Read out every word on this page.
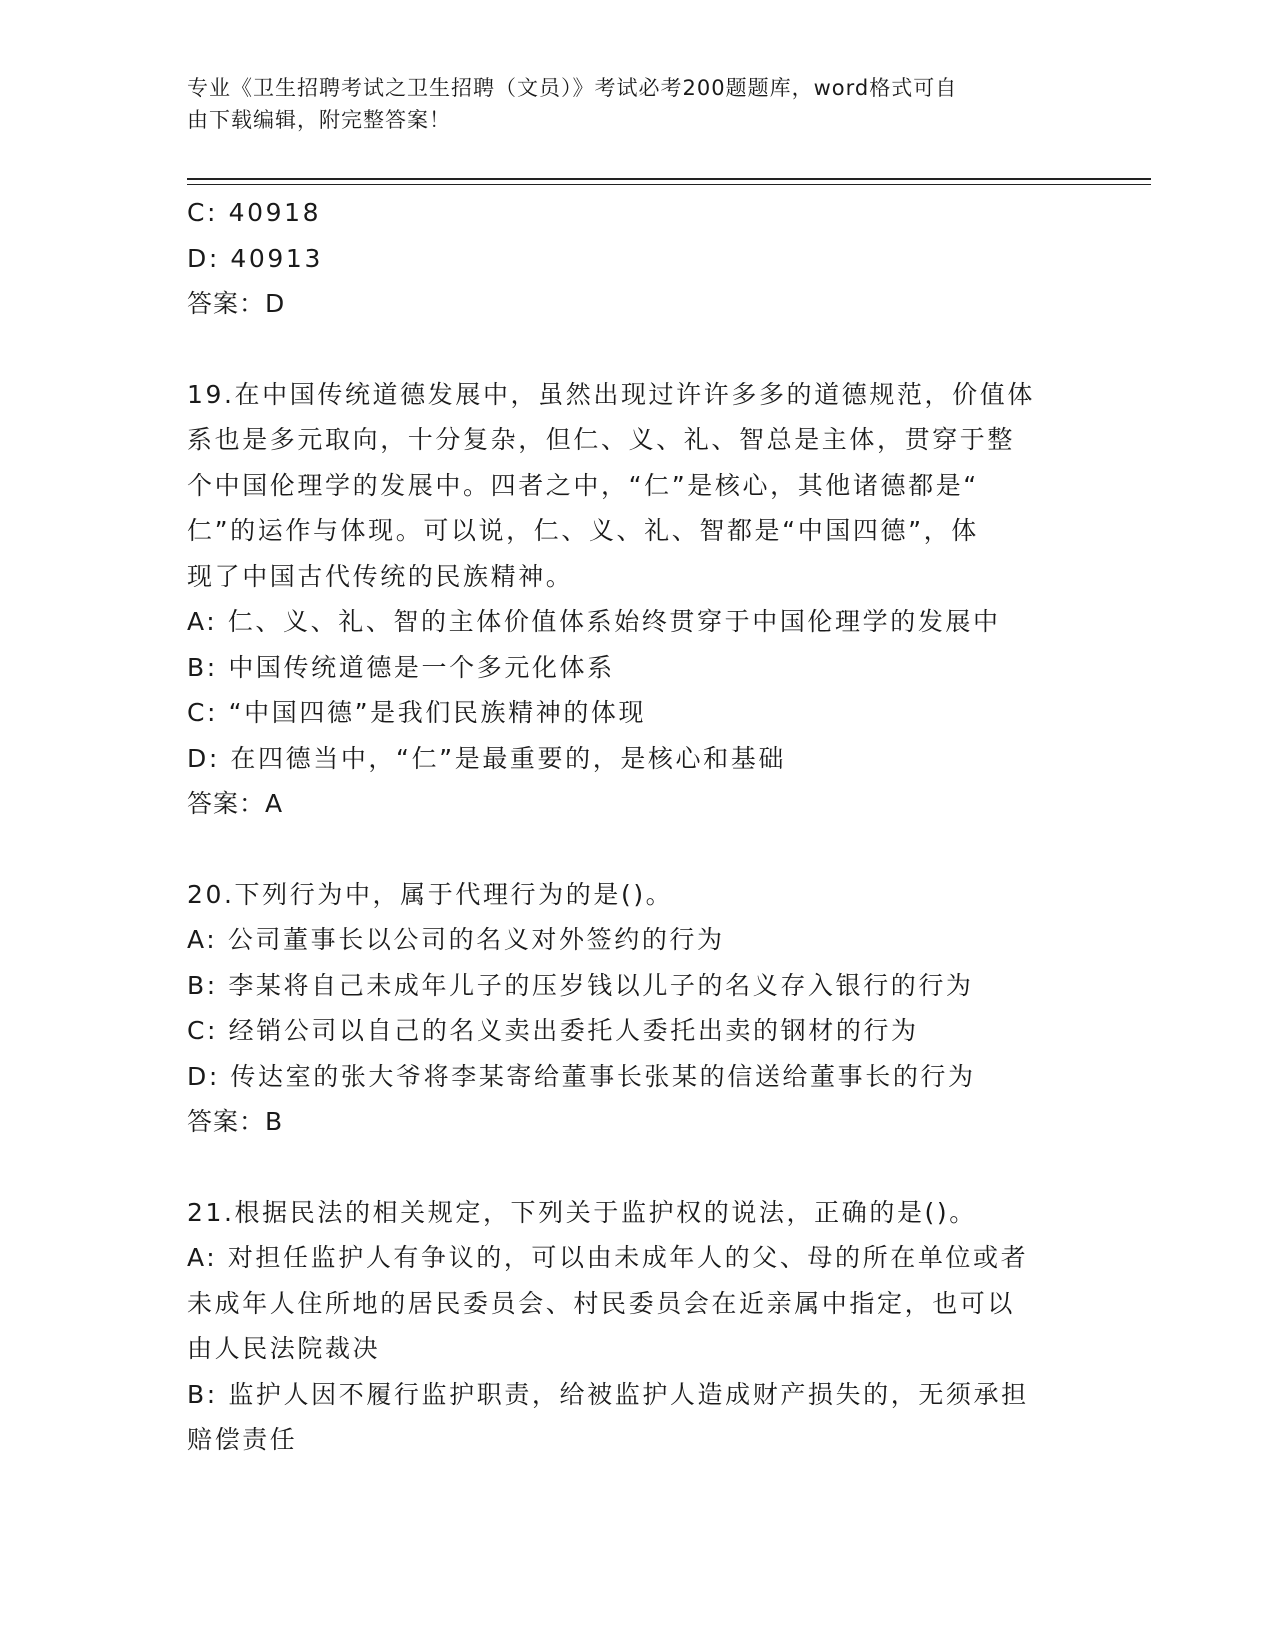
专业《卫生招聘考试之卫生招聘（文员）》考试必考200题题库，word格式可自
由下载编辑，附完整答案！
C: 40918
D: 40913
答案：D
19.在中国传统道德发展中，虽然出现过许许多多的道德规范，价值体
系也是多元取向，十分复杂，但仁、义、礼、智总是主体，贯穿于整
个中国伦理学的发展中。四者之中，“仁”是核心，其他诸德都是“
仁”的运作与体现。可以说，仁、义、礼、智都是“中国四德”，体
现了中国古代传统的民族精神。
A: 仁、义、礼、智的主体价值体系始终贯穿于中国伦理学的发展中
B: 中国传统道德是一个多元化体系
C: “中国四德”是我们民族精神的体现
D: 在四德当中，“仁”是最重要的，是核心和基础
答案：A
20.下列行为中，属于代理行为的是()。
A: 公司董事长以公司的名义对外签约的行为
B: 李某将自己未成年儿子的压岁钱以儿子的名义存入银行的行为
C: 经销公司以自己的名义卖出委托人委托出卖的钢材的行为
D: 传达室的张大爷将李某寄给董事长张某的信送给董事长的行为
答案：B
21.根据民法的相关规定，下列关于监护权的说法，正确的是()。
A: 对担任监护人有争议的，可以由未成年人的父、母的所在单位或者
未成年人住所地的居民委员会、村民委员会在近亲属中指定，也可以
由人民法院裁决
B: 监护人因不履行监护职责，给被监护人造成财产损失的，无须承担
赔偿责任
